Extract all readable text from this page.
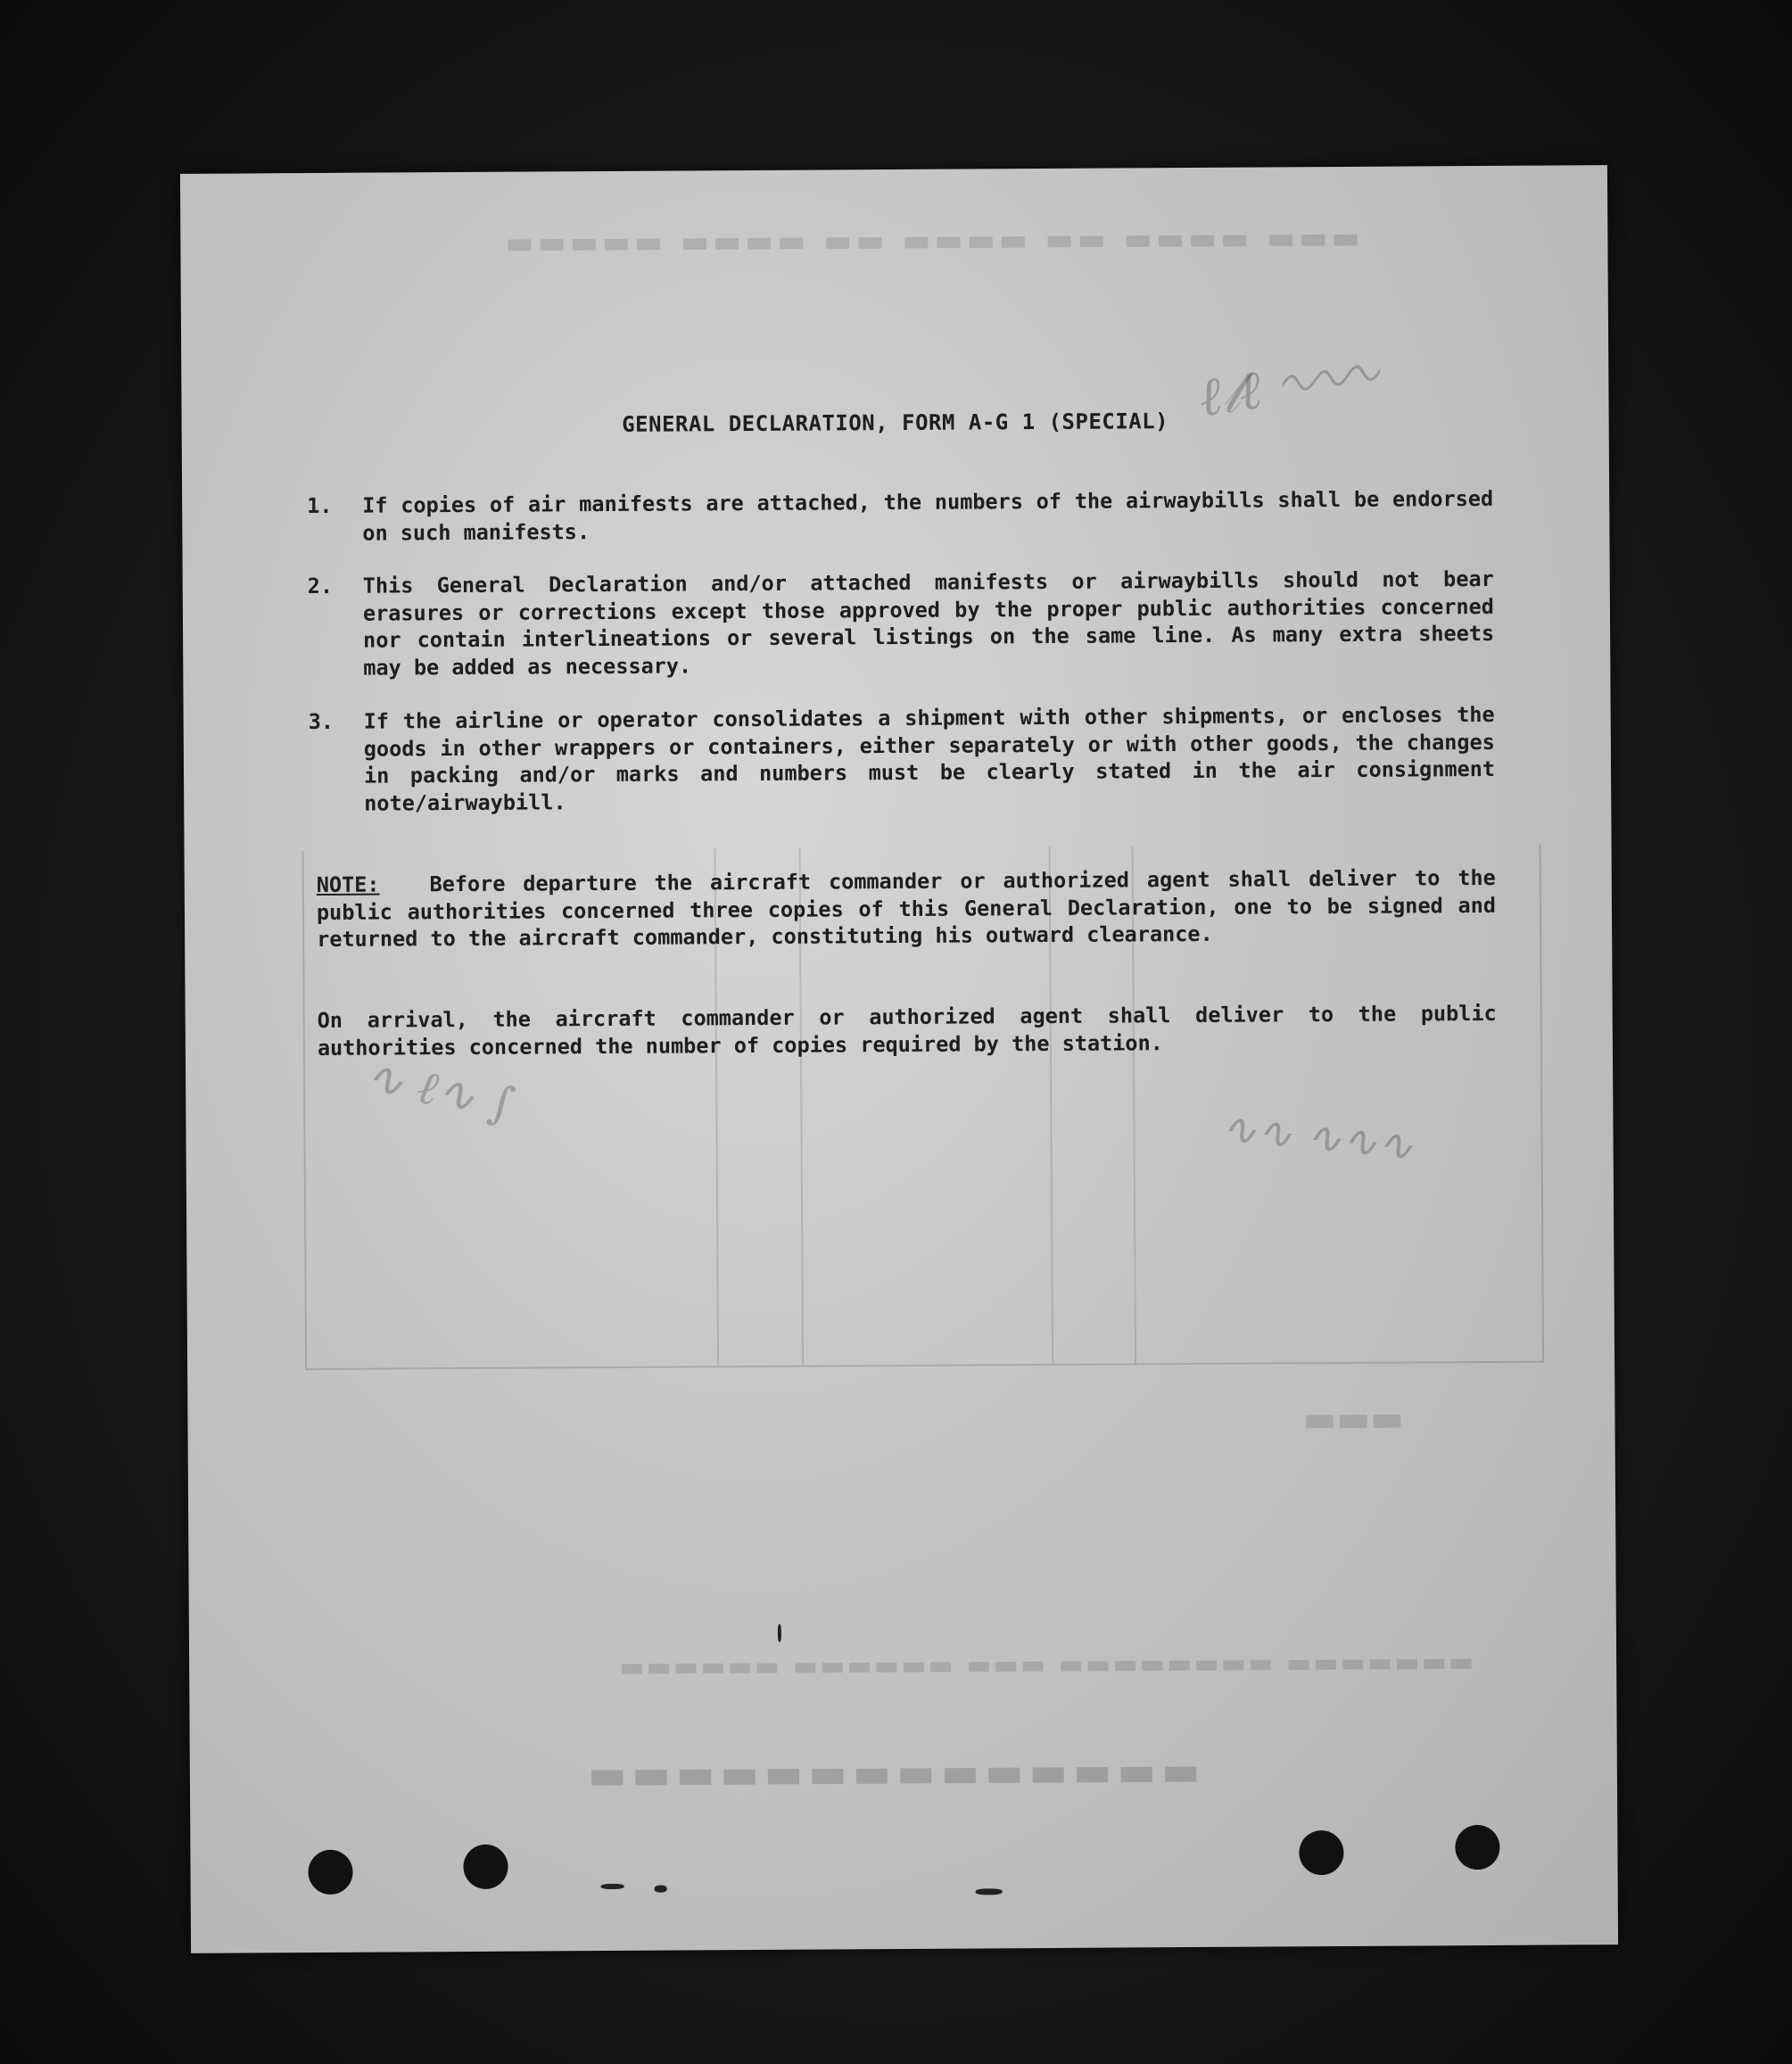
▬▬▬ ▬▬▬▬ ▬▬ ▬▬▬▬ ▬▬ ▬▬▬▬ ▬▬▬▬▬
▬▬▬▬▬▬▬▬▬▬▬▬▬▬
▬▬▬▬▬▬▬ ▬▬▬▬▬▬▬▬ ▬▬▬ ▬▬▬▬▬▬ ▬▬▬▬▬▬
▬▬▬
ℓ𝓁ℓ ∿∿∿
∿ ℓ∿ ∫
∿∿ ∿∿∿
GENERAL DECLARATION, FORM A-G 1 (SPECIAL)
1.	If copies of air manifests are attached, the numbers of the airwaybills shall be endorsed on such manifests.
2.	This General Declaration and/or attached manifests or airwaybills should not bear erasures or corrections except those approved by the proper public authorities concerned nor contain interlineations or several listings on the same line. As many extra sheets may be added as necessary.
3.	If the airline or operator consolidates a shipment with other shipments, or encloses the goods in other wrappers or containers, either separately or with other goods, the changes in packing and/or marks and numbers must be clearly stated in the air consignment note/airwaybill.
NOTE: Before departure the aircraft commander or authorized agent shall deliver to the public authorities concerned three copies of this General Declaration, one to be signed and returned to the aircraft commander, constituting his outward clearance.
On arrival, the aircraft commander or authorized agent shall deliver to the public authorities concerned the number of copies required by the station.
